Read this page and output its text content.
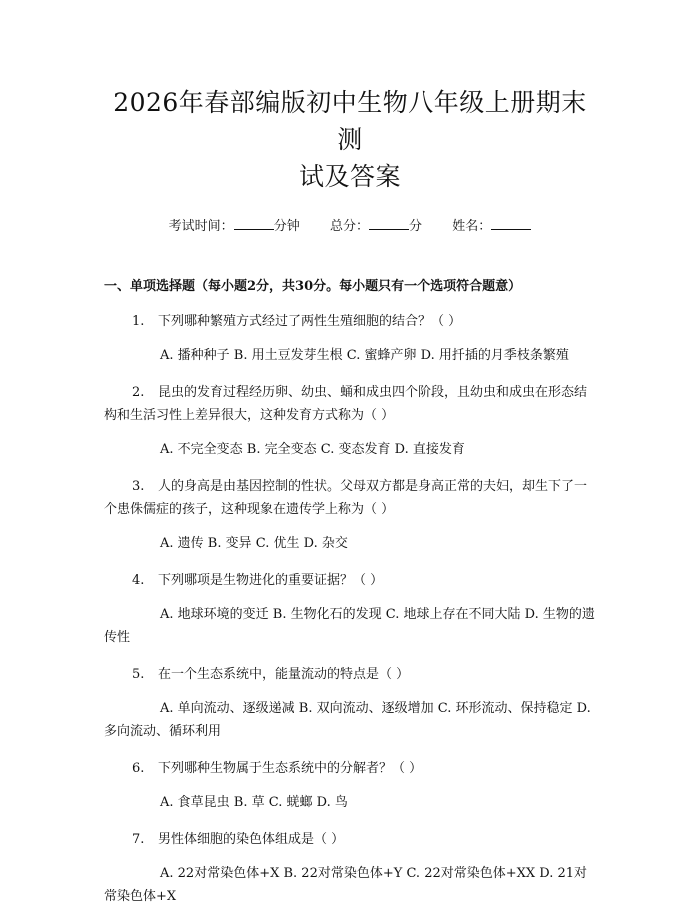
2026年春部编版初中生物八年级上册期末测
试及答案
考试时间：	分钟 总分：	分 姓名：
一、单项选择题（每小题2分，共30分。每小题只有一个选项符合题意）
1. 下列哪种繁殖方式经过了两性生殖细胞的结合？（ ）
A. 播种种子 B. 用土豆发芽生根 C. 蜜蜂产卵 D. 用扦插的月季枝条繁殖
2. 昆虫的发育过程经历卵、幼虫、蛹和成虫四个阶段，且幼虫和成虫在形态结构和生活习性上差异很大，这种发育方式称为（ ）
A. 不完全变态 B. 完全变态 C. 变态发育 D. 直接发育
3. 人的身高是由基因控制的性状。父母双方都是身高正常的夫妇，却生下了一个患侏儒症的孩子，这种现象在遗传学上称为（ ）
A. 遗传 B. 变异 C. 优生 D. 杂交
4. 下列哪项是生物进化的重要证据？（ ）
A. 地球环境的变迁 B. 生物化石的发现 C. 地球上存在不同大陆 D. 生物的遗传性
5. 在一个生态系统中，能量流动的特点是（ ）
A. 单向流动、逐级递减 B. 双向流动、逐级增加 C. 环形流动、保持稳定 D. 多向流动、循环利用
6. 下列哪种生物属于生态系统中的分解者？（ ）
A. 食草昆虫 B. 草 C. 蜣螂 D. 鸟
7. 男性体细胞的染色体组成是（ ）
A. 22对常染色体+X B. 22对常染色体+Y C. 22对常染色体+XX D. 21对常染色体+X
